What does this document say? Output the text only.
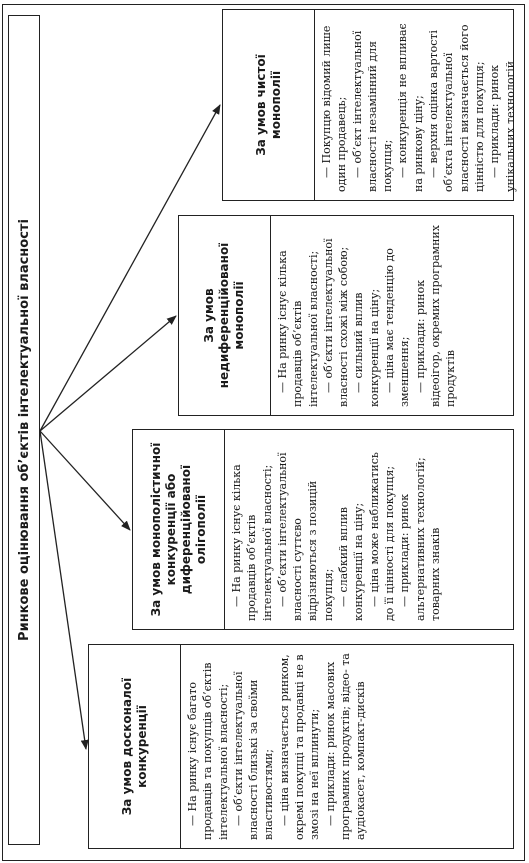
Ринкове оцінювання об’єктів інтелектуальної власності
За умов досконалої конкуренції	— На ринку існує багато продавців та покупців об’єктів інтелектуальної власності; — об’єкти інтелектуальної власності близькі за своїми властивостями; — ціна визначається ринком, окремі покупці та продавці не в змозі на неї вплинути; — приклади: ринок масових програмних продуктів; відео- та аудіокасет, компакт-дисків

За умов монополістичної конкуренції або диференційованої олігополії	— На ринку існує кілька продавців об’єктів інтелектуальної власності; — об’єкти інтелектуальної власності суттєво відрізняються з позицій покупця; — слабкий вплив конкуренції на ціну; — ціна може наближатись до її цінності для покупця; — приклади: ринок альтернативних технологій; товарних знаків

За умов недиференційованої монополії	— На ринку існує кілька продавців об’єктів інтелектуальної власності; — об’єкти інтелектуальної власності схожі між собою; — сильний вплив конкуренції на ціну; — ціна має тенденцію до зменшення; — приклади: ринок відеоігор, окремих програмних продуктів

За умов чистої монополії	— Покупцю відомий лише один продавець; — об’єкт інтелектуальної власності незамінний для покупця; — конкуренція не впливає на ринкову ціну; — верхня оцінка вартості об’єкта інтелектуальної власності визначається його цінністю для покупця; — приклади: ринок унікальних технологій
